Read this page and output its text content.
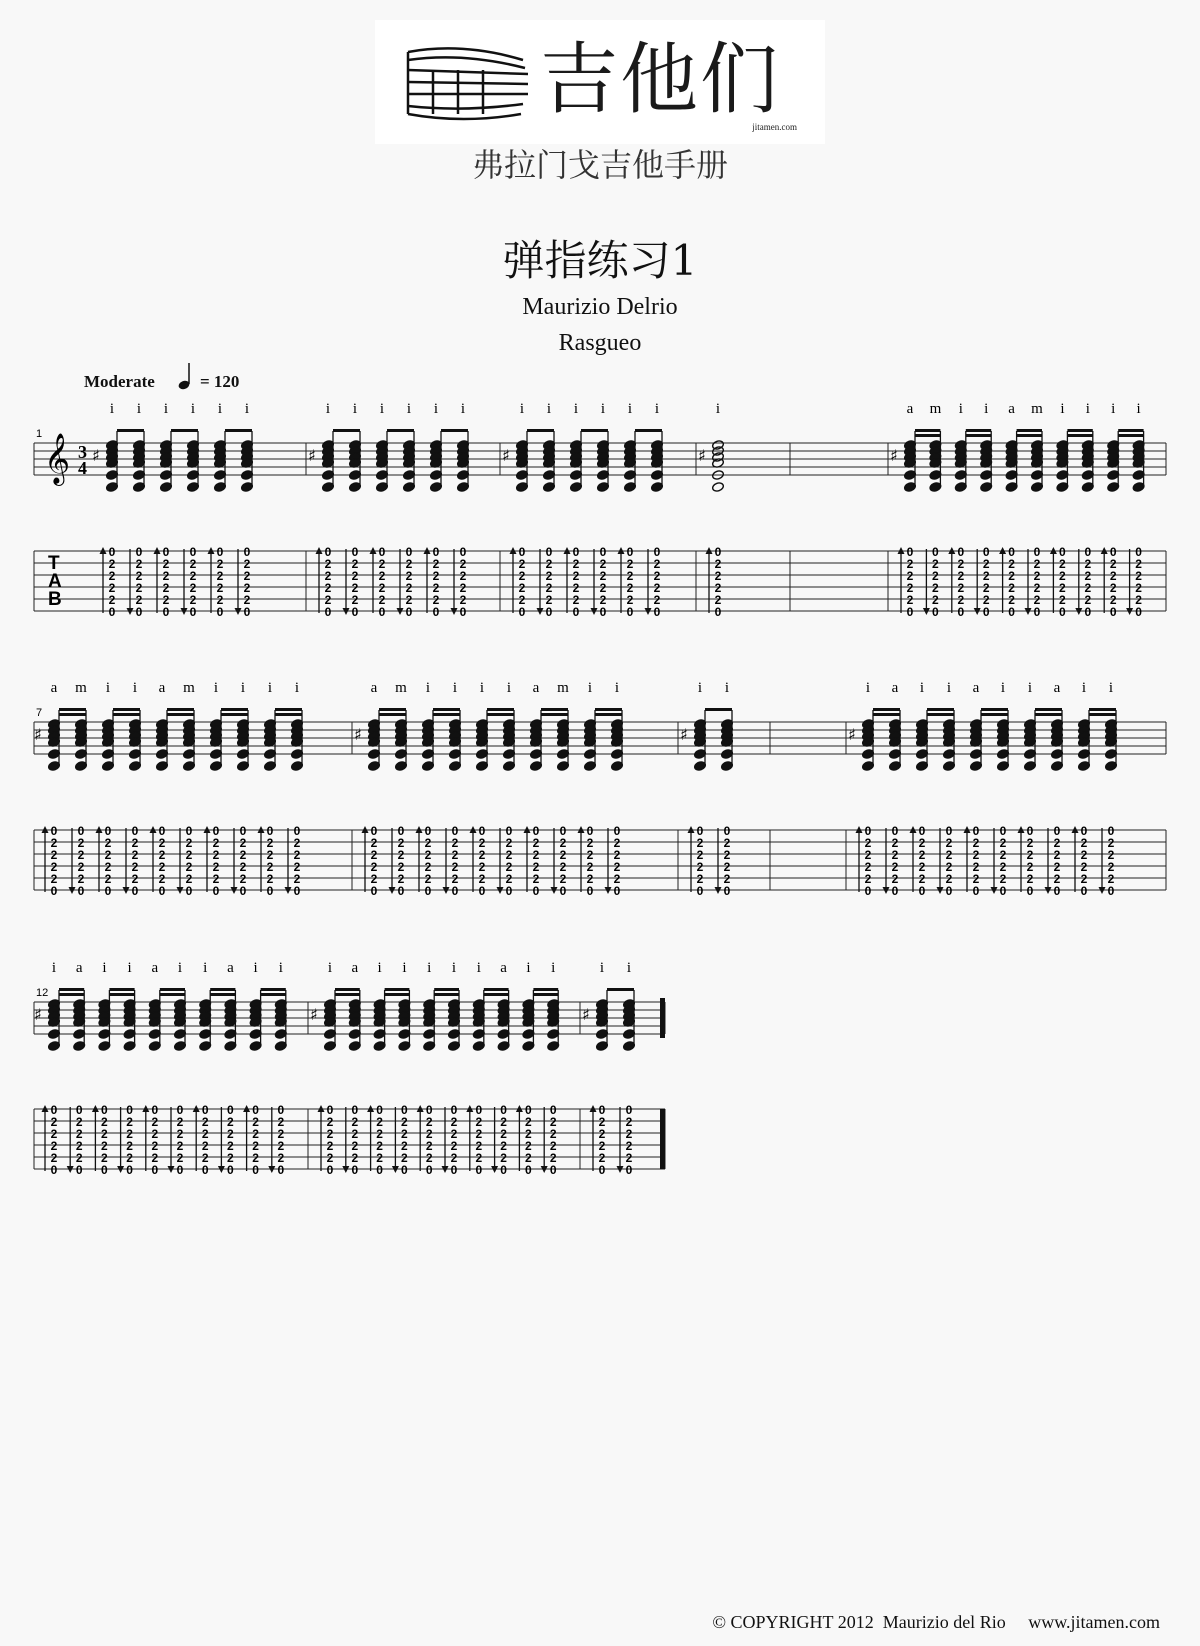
吉他们
jitamen.com
弗拉门戈吉他手册
弹指练习1
Maurizio Delrio
Rasgueo
Moderate	= 120
1 𝄞 3
4
T
A
B
♯
i
0
2
2
2
2
0
i
0
2
2
2
2
0
i
0
2
2
2
2
0
i
0
2
2
2
2
0
i
0
2
2
2
2
0
i
0
2
2
2
2
0
♯
i
0
2
2
2
2
0
i
0
2
2
2
2
0
i
0
2
2
2
2
0
i
0
2
2
2
2
0
i
0
2
2
2
2
0
i
0
2
2
2
2
0
♯
i
0
2
2
2
2
0
i
0
2
2
2
2
0
i
0
2
2
2
2
0
i
0
2
2
2
2
0
i
0
2
2
2
2
0
i
0
2
2
2
2
0
♯
i
0
2
2
2
2
0
♯
a
0
2
2
2
2
0
m
0
2
2
2
2
0
i
0
2
2
2
2
0
i
0
2
2
2
2
0
a
0
2
2
2
2
0
m
0
2
2
2
2
0
i
0
2
2
2
2
0
i
0
2
2
2
2
0
i
0
2
2
2
2
0
i
0
2
2
2
2
0
7
♯
a
0
2
2
2
2
0
m
0
2
2
2
2
0
i
0
2
2
2
2
0
i
0
2
2
2
2
0
a
0
2
2
2
2
0
m
0
2
2
2
2
0
i
0
2
2
2
2
0
i
0
2
2
2
2
0
i
0
2
2
2
2
0
i
0
2
2
2
2
0
♯
a
0
2
2
2
2
0
m
0
2
2
2
2
0
i
0
2
2
2
2
0
i
0
2
2
2
2
0
i
0
2
2
2
2
0
i
0
2
2
2
2
0
a
0
2
2
2
2
0
m
0
2
2
2
2
0
i
0
2
2
2
2
0
i
0
2
2
2
2
0
♯
i
0
2
2
2
2
0
i
0
2
2
2
2
0
♯
i
0
2
2
2
2
0
a
0
2
2
2
2
0
i
0
2
2
2
2
0
i
0
2
2
2
2
0
a
0
2
2
2
2
0
i
0
2
2
2
2
0
i
0
2
2
2
2
0
a
0
2
2
2
2
0
i
0
2
2
2
2
0
i
0
2
2
2
2
0
12
♯
i
0
2
2
2
2
0
a
0
2
2
2
2
0
i
0
2
2
2
2
0
i
0
2
2
2
2
0
a
0
2
2
2
2
0
i
0
2
2
2
2
0
i
0
2
2
2
2
0
a
0
2
2
2
2
0
i
0
2
2
2
2
0
i
0
2
2
2
2
0
♯
i
0
2
2
2
2
0
a
0
2
2
2
2
0
i
0
2
2
2
2
0
i
0
2
2
2
2
0
i
0
2
2
2
2
0
i
0
2
2
2
2
0
i
0
2
2
2
2
0
a
0
2
2
2
2
0
i
0
2
2
2
2
0
i
0
2
2
2
2
0
♯
i
0
2
2
2
2
0
i
0
2
2
2
2
0
© COPYRIGHT 2012  Maurizio del Rio     www.jitamen.com
